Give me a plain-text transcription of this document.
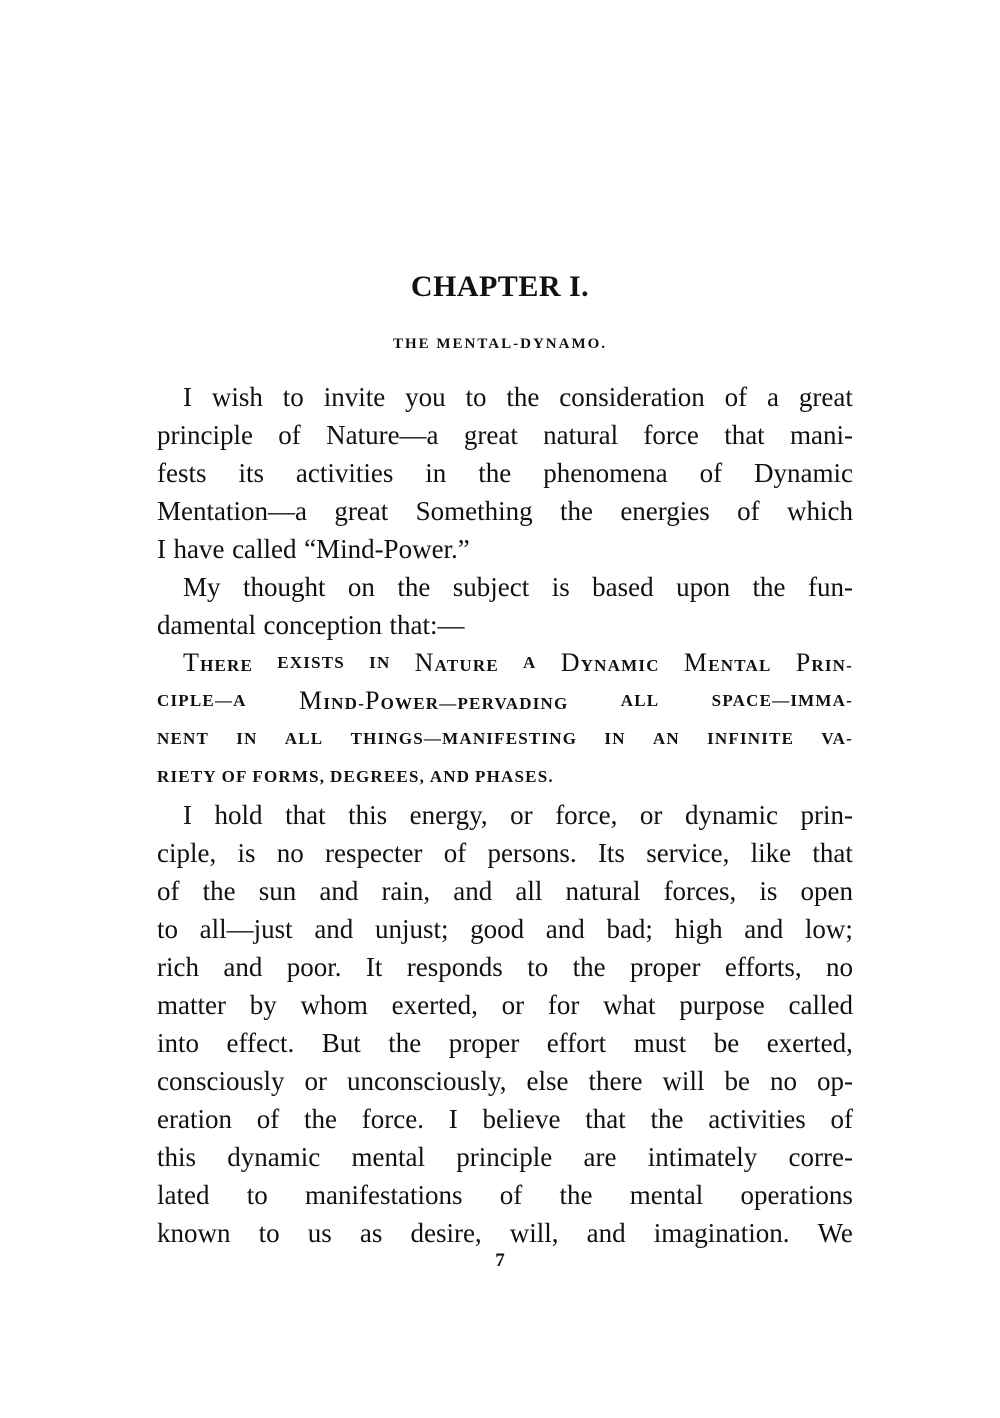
CHAPTER I.
THE MENTAL-DYNAMO.
I wish to invite you to the consideration of a great
principle of Nature—a great natural force that mani-
fests its activities in the phenomena of Dynamic
Mentation—a great Something the energies of which
I have called “Mind-Power.”
My thought on the subject is based upon the fun-
damental conception that:—
THERE EXISTS IN NATURE A DYNAMIC MENTAL PRIN-
CIPLE—A MIND-POWER—PERVADING	ALL	SPACE—IMMA-
NENT IN ALL THINGS—MANIFESTING IN AN INFINITE VA-
RIETY OF FORMS, DEGREES, AND PHASES.
I hold that this energy, or force, or dynamic prin-
ciple, is no respecter of persons. Its service, like that
of the sun and rain, and all natural forces, is open
to all—just and unjust; good and bad; high and low;
rich and poor. It responds to the proper efforts, no
matter by whom exerted, or for what purpose called
into effect. But the proper effort must be exerted,
consciously or unconsciously, else there will be no op-
eration of the force. I believe that the activities of
this dynamic mental principle are intimately corre-
lated to manifestations of the mental operations
known to us as desire, will, and imagination. We
7
